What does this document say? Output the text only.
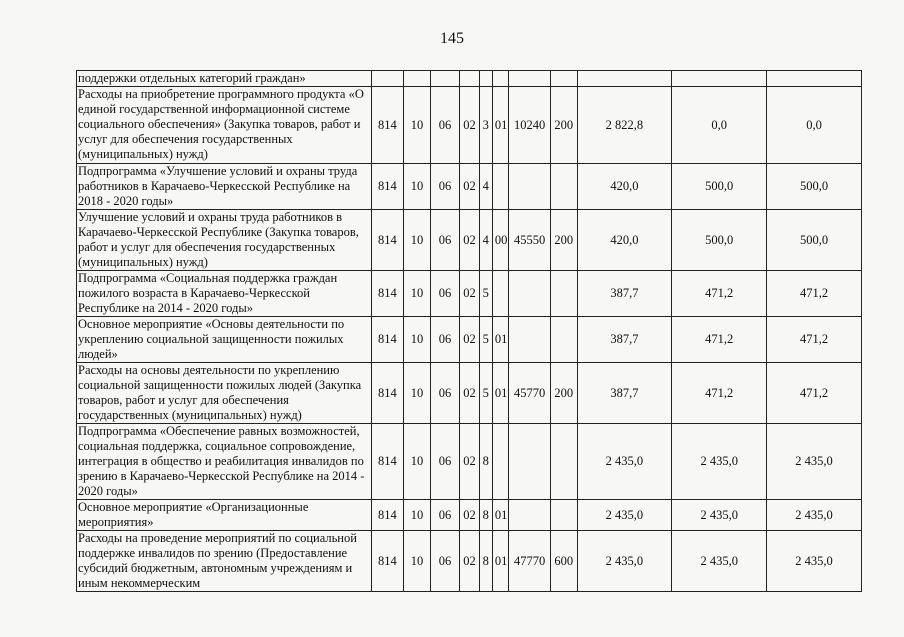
145
поддержки отдельных категорий граждан»											
Расходы на приобретение программного продукта «О единой государственной информационной системе социального обеспечения» (Закупка товаров, работ и услуг для обеспечения государственных (муниципальных) нужд)	814	10	06	02	3	01	10240	200	2 822,8	0,0	0,0
Подпрограмма «Улучшение условий и охраны труда работников в Карачаево-Черкесской Республике на 2018 - 2020 годы»	814	10	06	02	4				420,0	500,0	500,0
Улучшение условий и охраны труда работников в Карачаево-Черкесской Республике (Закупка товаров, работ и услуг для обеспечения государственных (муниципальных) нужд)	814	10	06	02	4	00	45550	200	420,0	500,0	500,0
Подпрограмма «Социальная поддержка граждан пожилого возраста в Карачаево-Черкесской Республике на 2014 - 2020 годы»	814	10	06	02	5				387,7	471,2	471,2
Основное мероприятие «Основы деятельности по укреплению социальной защищенности пожилых людей»	814	10	06	02	5	01			387,7	471,2	471,2
Расходы на основы деятельности по укреплению социальной защищенности пожилых людей (Закупка товаров, работ и услуг для обеспечения государственных (муниципальных) нужд)	814	10	06	02	5	01	45770	200	387,7	471,2	471,2
Подпрограмма «Обеспечение равных возможностей, социальная поддержка, социальное сопровождение, интеграция в общество и реабилитация инвалидов по зрению в Карачаево-Черкесской Республике на 2014 - 2020 годы»	814	10	06	02	8				2 435,0	2 435,0	2 435,0
Основное мероприятие «Организационные мероприятия»	814	10	06	02	8	01			2 435,0	2 435,0	2 435,0
Расходы на проведение мероприятий по социальной поддержке инвалидов по зрению (Предоставление субсидий бюджетным, автономным учреждениям и иным некоммерческим	814	10	06	02	8	01	47770	600	2 435,0	2 435,0	2 435,0
